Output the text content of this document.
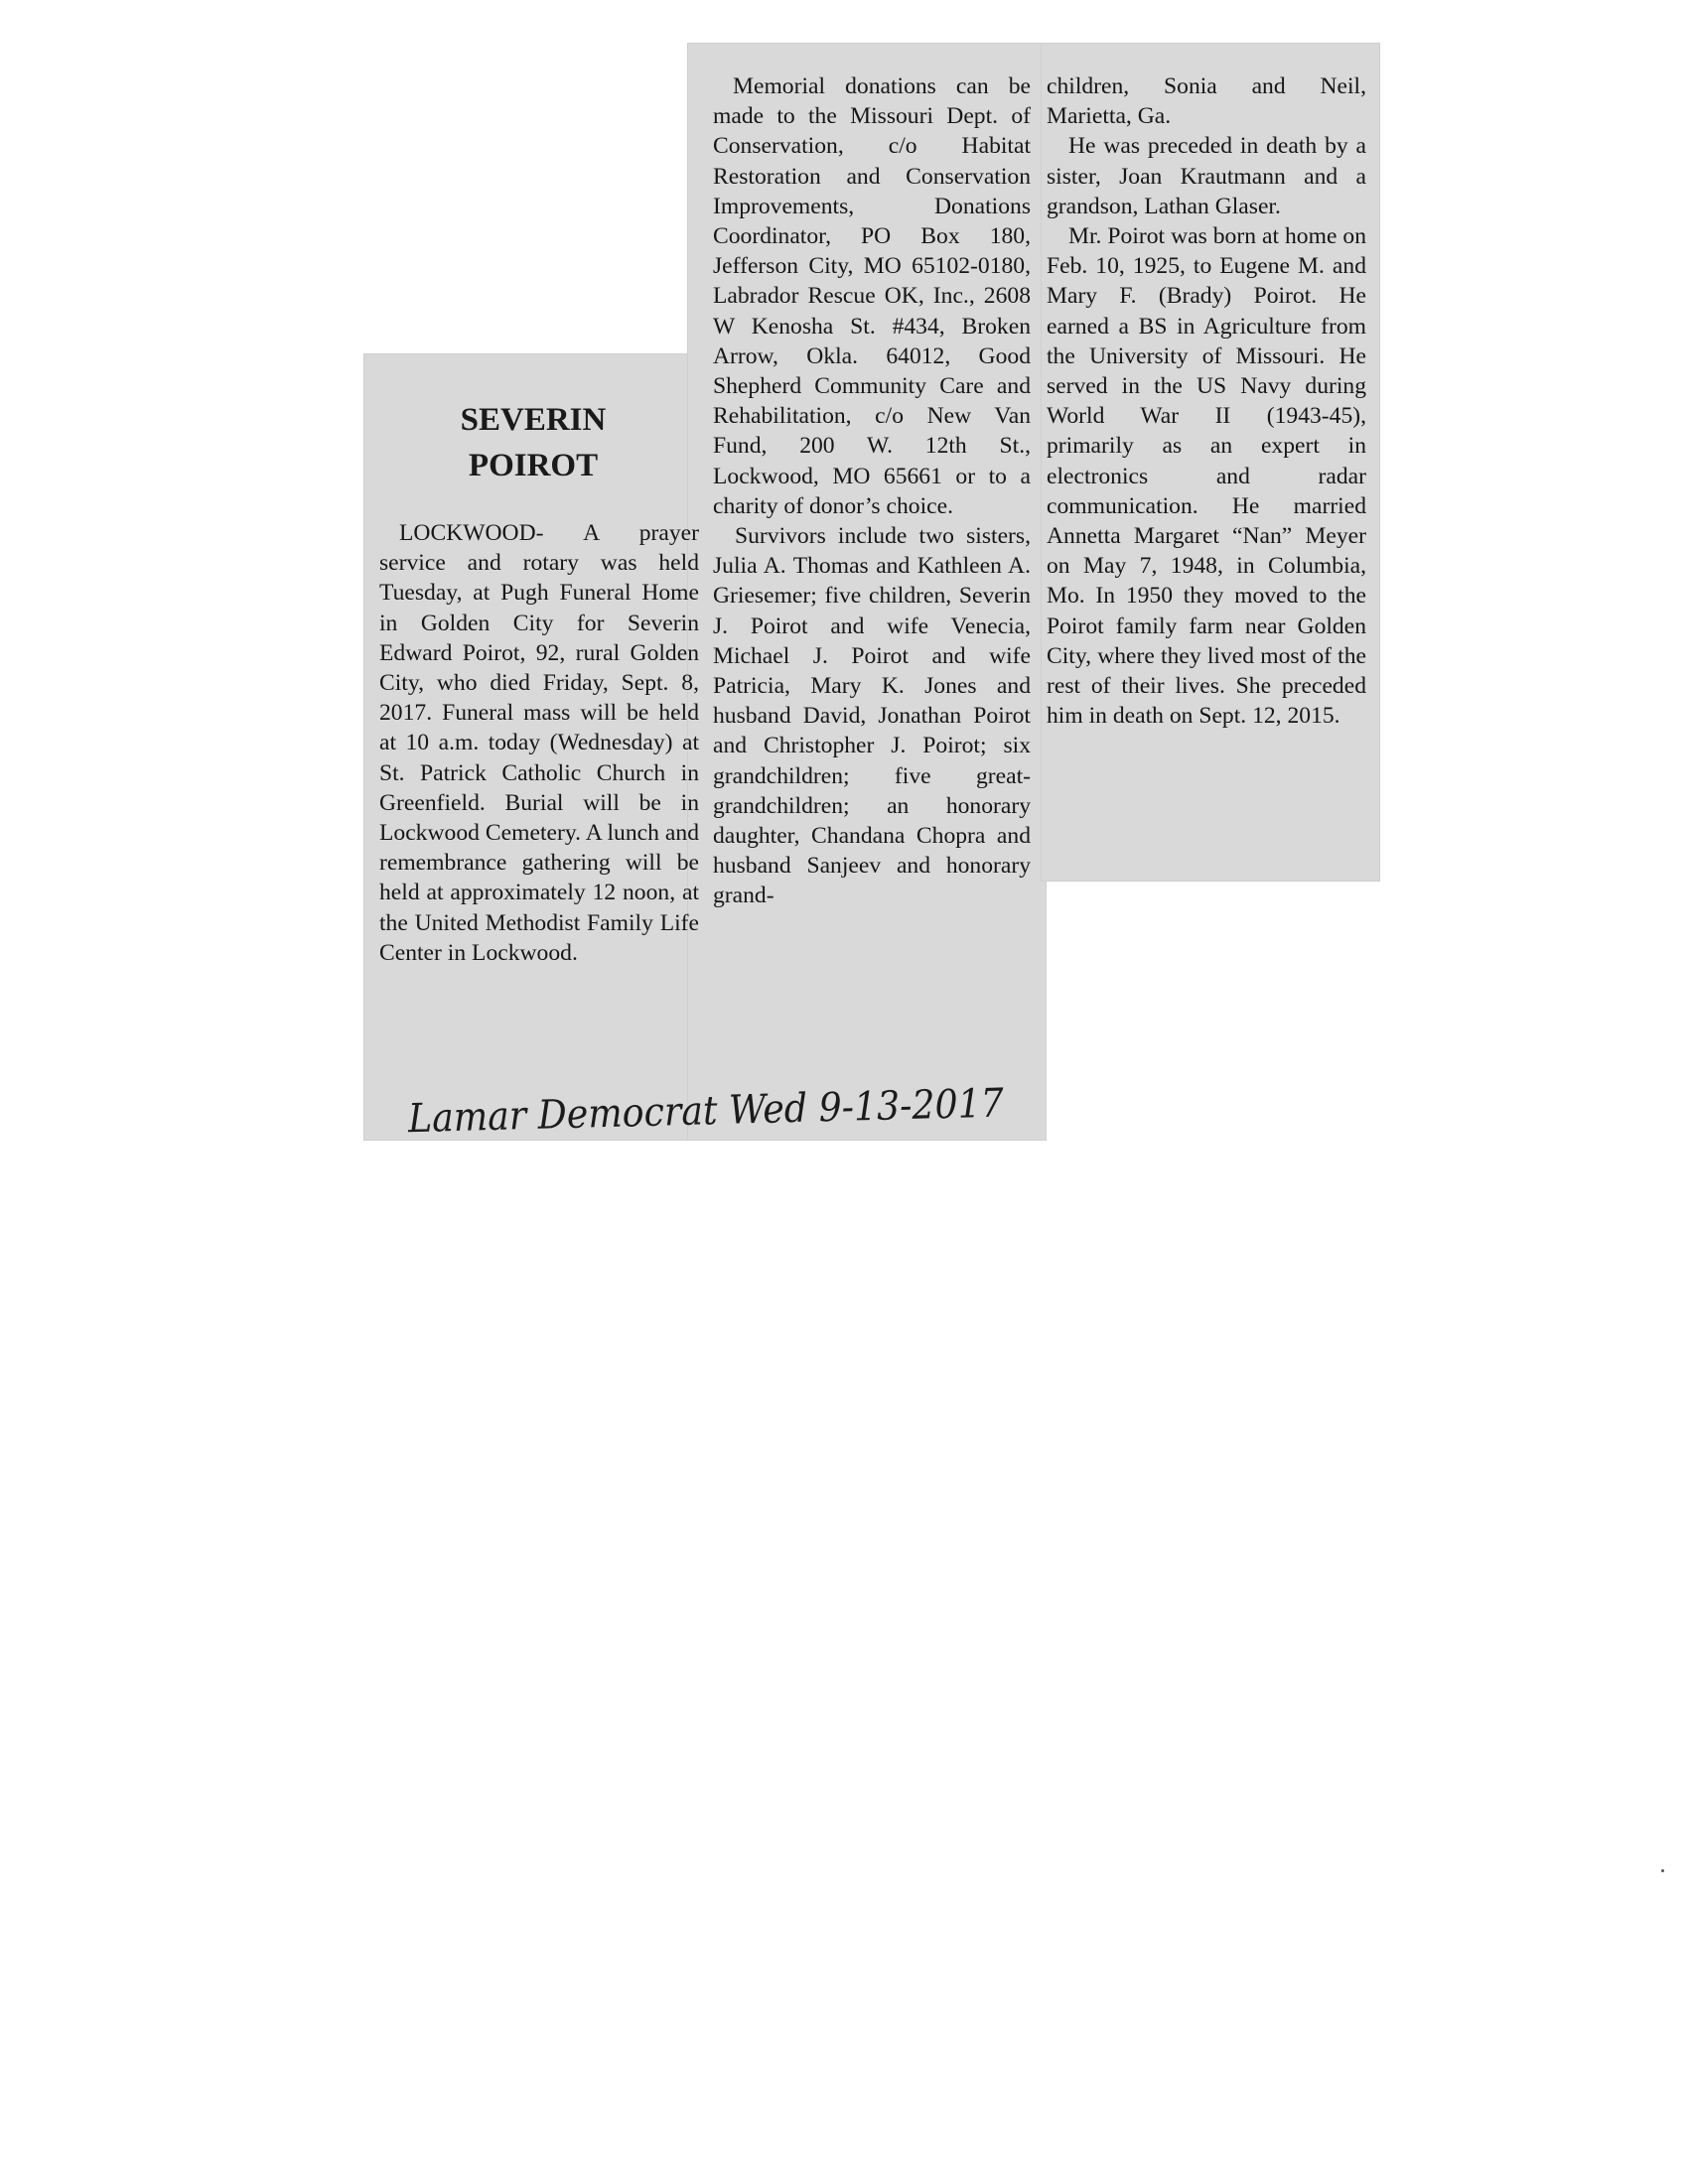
SEVERIN
POIROT

LOCKWOOD- A prayer service and rotary was held Tuesday, at Pugh Funeral Home in Golden City for Severin Edward Poirot, 92, rural Golden City, who died Friday, Sept. 8, 2017. Funeral mass will be held at 10 a.m. today (Wednesday) at St. Patrick Catholic Church in Greenfield. Burial will be in Lockwood Cemetery. A lunch and remembrance gathering will be held at approximately 12 noon, at the United Methodist Family Life Center in Lockwood.

Memorial donations can be made to the Missouri Dept. of Conservation, c/o Habitat Restoration and Conservation Improvements, Donations Coordinator, PO Box 180, Jefferson City, MO 65102-0180, Labrador Rescue OK, Inc., 2608 W Kenosha St. #434, Broken Arrow, Okla. 64012, Good Shepherd Community Care and Rehabilitation, c/o New Van Fund, 200 W. 12th St., Lockwood, MO 65661 or to a charity of donor’s choice.

Survivors include two sisters, Julia A. Thomas and Kathleen A. Griesemer; five children, Severin J. Poirot and wife Venecia, Michael J. Poirot and wife Patricia, Mary K. Jones and husband David, Jonathan Poirot and Christopher J. Poirot; six grandchildren; five great-grandchildren; an honorary daughter, Chandana Chopra and husband Sanjeev and honorary grand-

children, Sonia and Neil, Marietta, Ga.

He was preceded in death by a sister, Joan Krautmann and a grandson, Lathan Glaser.

Mr. Poirot was born at home on Feb. 10, 1925, to Eugene M. and Mary F. (Brady) Poirot. He earned a BS in Agriculture from the University of Missouri. He served in the US Navy during World War II (1943-45), primarily as an expert in electronics and radar communication. He married Annetta Margaret “Nan” Meyer on May 7, 1948, in Columbia, Mo. In 1950 they moved to the Poirot family farm near Golden City, where they lived most of the rest of their lives. She preceded him in death on Sept. 12, 2015.

Lamar Democrat Wed 9-13-2017
